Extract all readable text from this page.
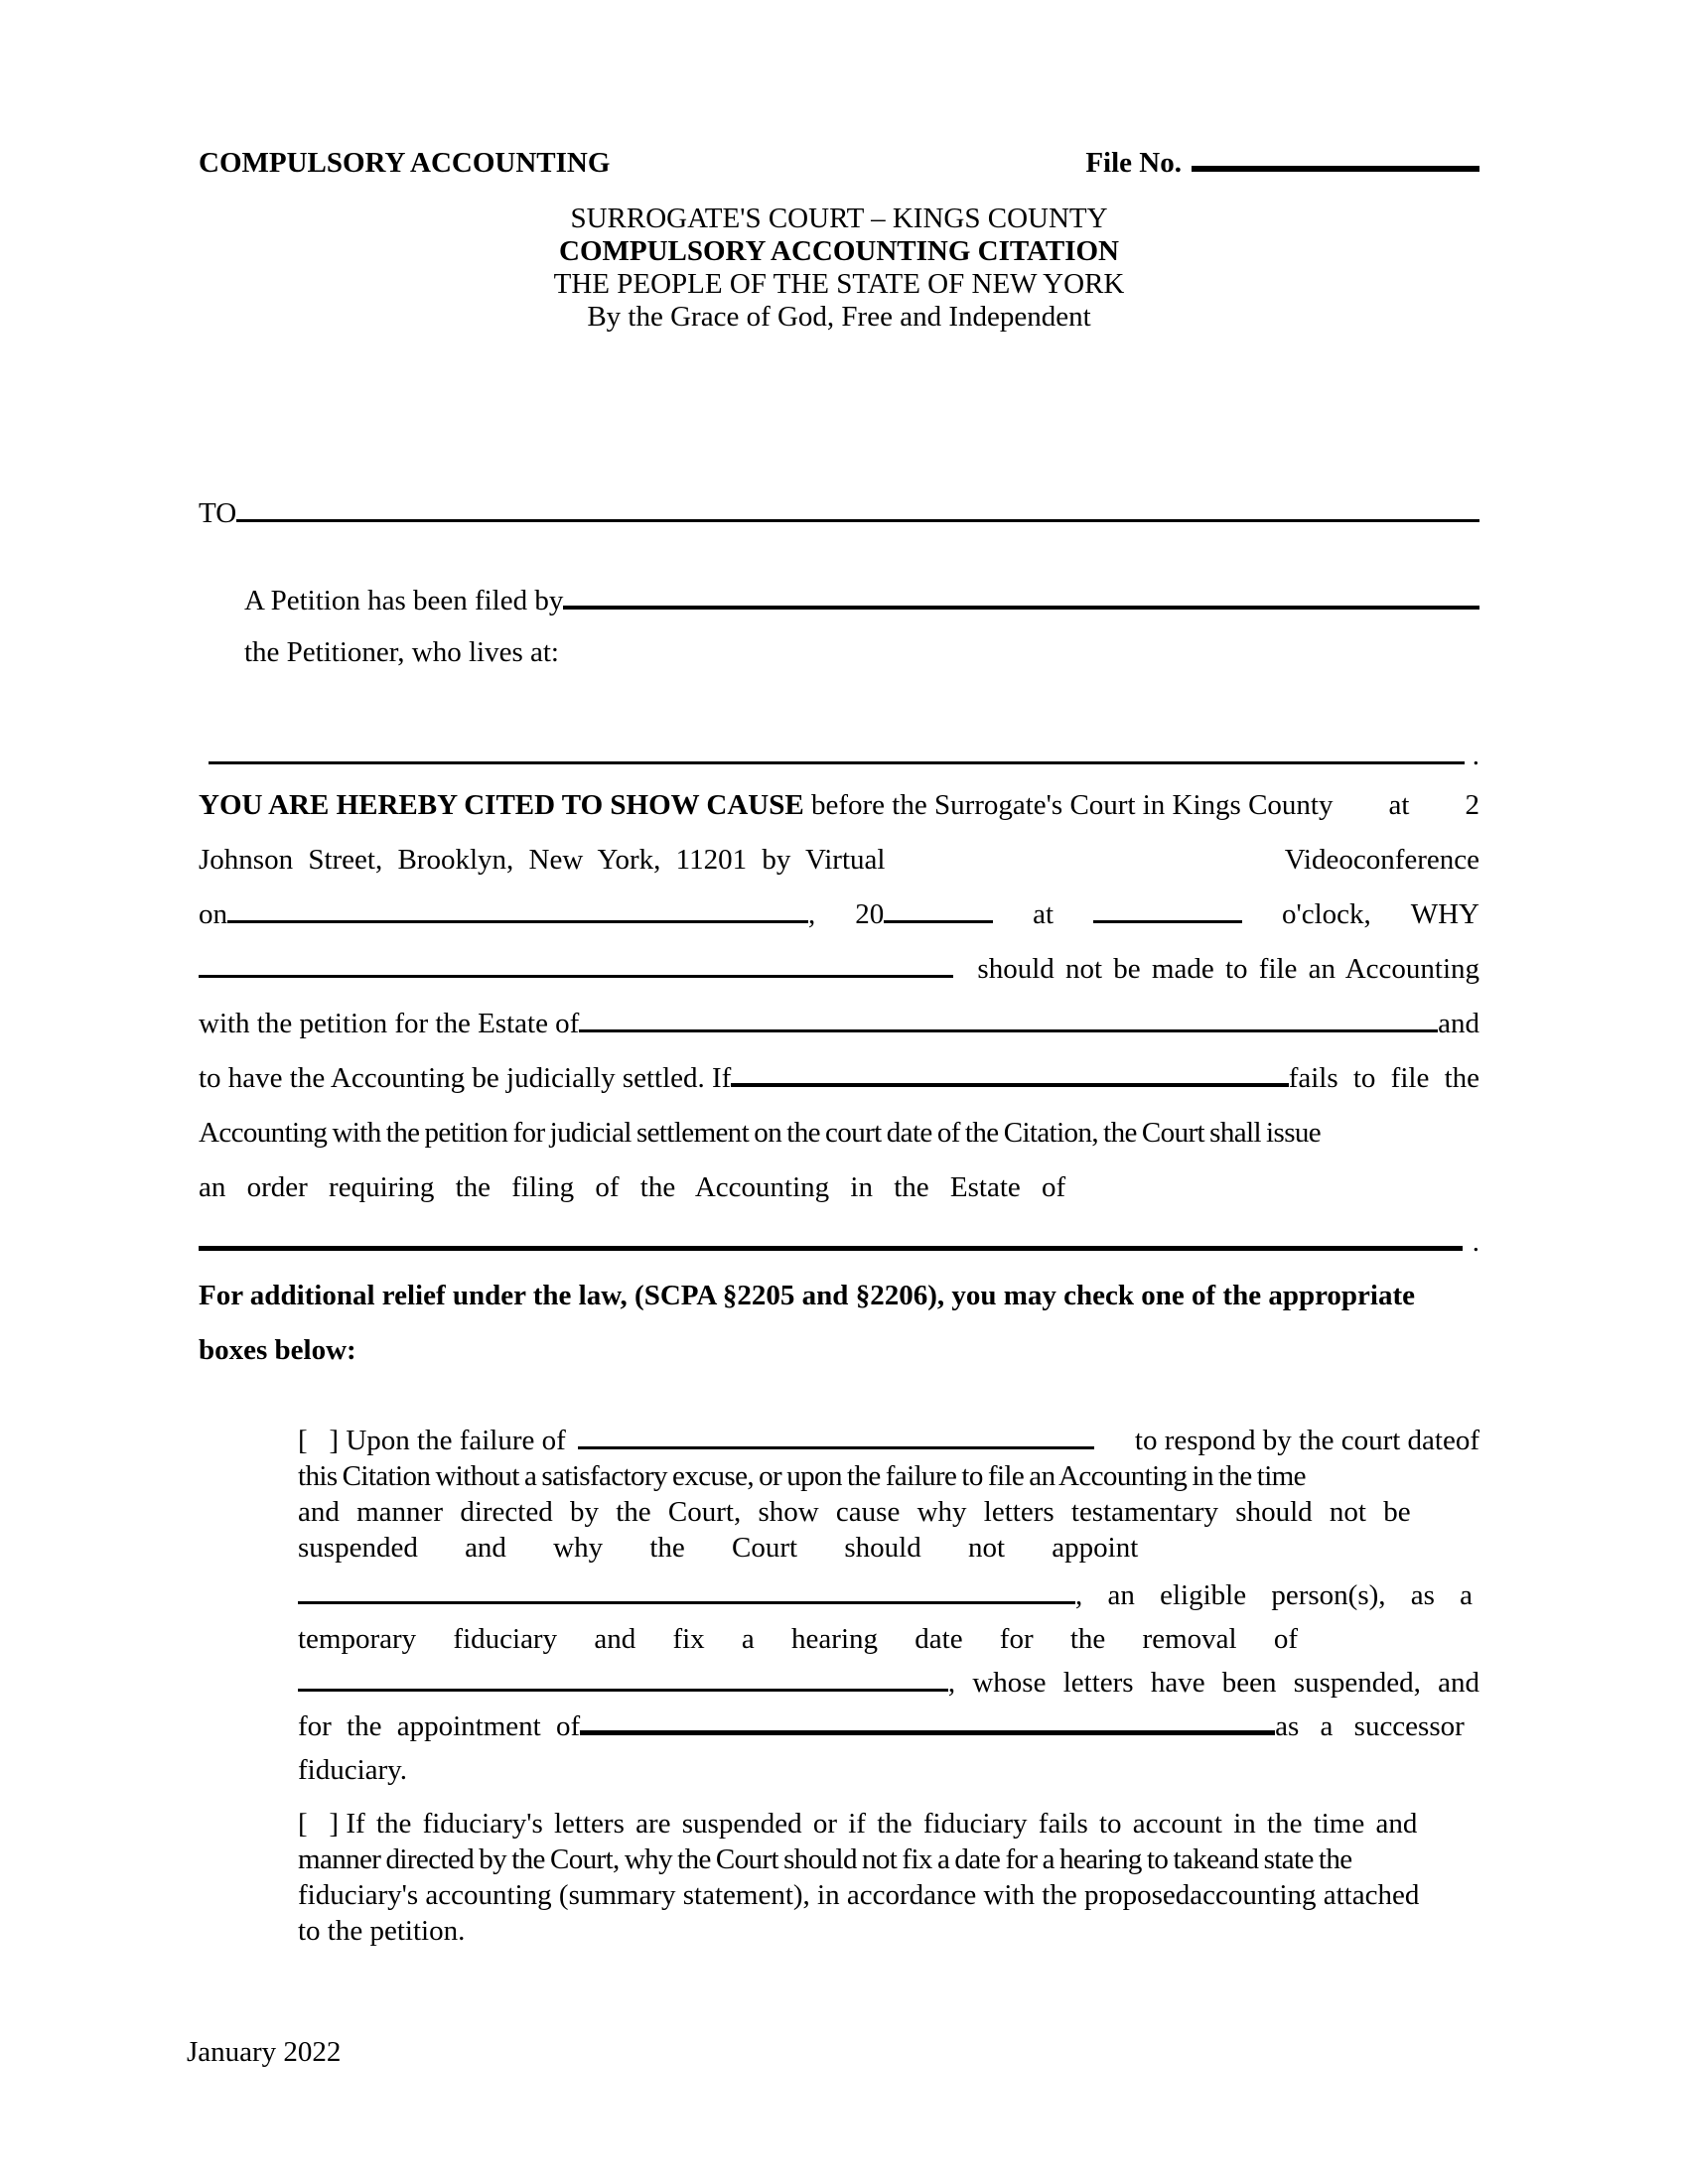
COMPULSORY ACCOUNTING	File No.
SURROGATE'S COURT – KINGS COUNTY
COMPULSORY ACCOUNTING CITATION
THE PEOPLE OF THE STATE OF NEW YORK
By the Grace of God, Free and Independent
TO
A Petition has been filed by
the Petitioner, who lives at:
.
YOU ARE HEREBY CITED TO SHOW CAUSE before the Surrogate's Court in Kings County at 2
Johnson Street, Brooklyn, New York, 11201 by Virtual	Videoconference
on	, 20	at	o'clock, WHY
should not be made to file an Accounting
with the petition for the Estate of	and
to have the Accounting be judicially settled. If	fails to file the
Accounting with the petition for judicial settlement on the court date of the Citation, the Court shall issue
an order requiring the filing of the Accounting in the Estate of
.
For additional relief under the law, (SCPA §2205 and §2206), you may check one of the appropriate
boxes below:
[   ]
Upon the failure of	to respond by the court dateof
this Citation without a satisfactory excuse, or upon the failure to file an Accounting in the time
and manner directed by the Court, show cause why letters testamentary should not be
suspended and why the Court should not appoint
, an eligible person(s), as a
temporary fiduciary and fix a hearing date for the removal of
, whose letters have been suspended, and
for the appointment of	as a successor
fiduciary.
[   ]
If the fiduciary's letters are suspended or if the fiduciary fails to account in the time and
manner directed by the Court, why the Court should not fix a date for a hearing to takeand state the
fiduciary's accounting (summary statement), in accordance with the proposedaccounting attached
to the petition.
January 2022
